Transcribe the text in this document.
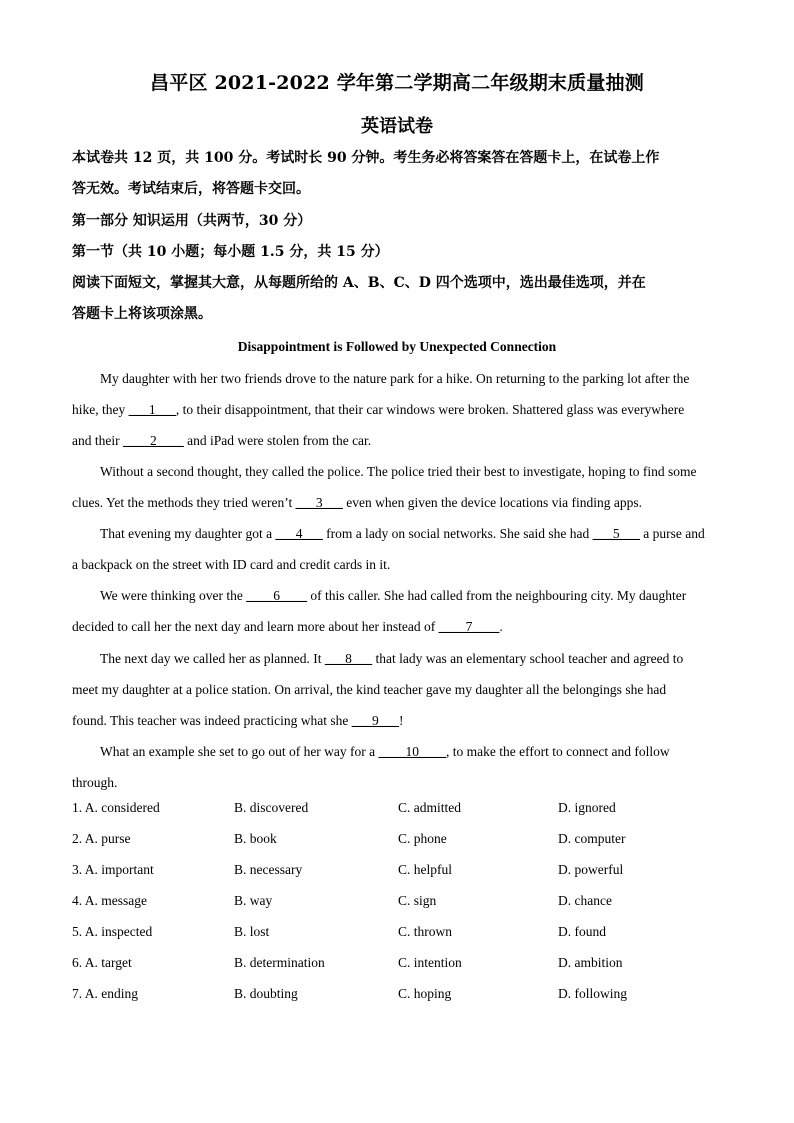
昌平区 2021-2022 学年第二学期高二年级期末质量抽测
英语试卷
本试卷共 12 页，共 100 分。考试时长 90 分钟。考生务必将答案答在答题卡上，在试卷上作
答无效。考试结束后，将答题卡交回。
第一部分 知识运用（共两节，30 分）
第一节（共 10 小题；每小题 1.5 分，共 15 分）
阅读下面短文，掌握其大意，从每题所给的 A、B、C、D 四个选项中，选出最佳选项，并在
答题卡上将该项涂黑。
Disappointment is Followed by Unexpected Connection
My daughter with her two friends drove to the nature park for a hike. On returning to the parking lot after the
hike, they ___1___, to their disappointment, that their car windows were broken. Shattered glass was everywhere
and their ____2____ and iPad were stolen from the car.
Without a second thought, they called the police. The police tried their best to investigate, hoping to find some
clues. Yet the methods they tried weren’t ___3___ even when given the device locations via finding apps.
That evening my daughter got a ___4___ from a lady on social networks. She said she had ___5___ a purse and
a backpack on the street with ID card and credit cards in it.
We were thinking over the ____6____ of this caller. She had called from the neighbouring city. My daughter
decided to call her the next day and learn more about her instead of ____7____.
The next day we called her as planned. It ___8___ that lady was an elementary school teacher and agreed to
meet my daughter at a police station. On arrival, the kind teacher gave my daughter all the belongings she had
found. This teacher was indeed practicing what she ___9___!
What an example she set to go out of her way for a ____10____, to make the effort to connect and follow
through.
1. A. considered	B. discovered	C. admitted	D. ignored
2. A. purse	B. book	C. phone	D. computer
3. A. important	B. necessary	C. helpful	D. powerful
4. A. message	B. way	C. sign	D. chance
5. A. inspected	B. lost	C. thrown	D. found
6. A. target	B. determination	C. intention	D. ambition
7. A. ending	B. doubting	C. hoping	D. following
